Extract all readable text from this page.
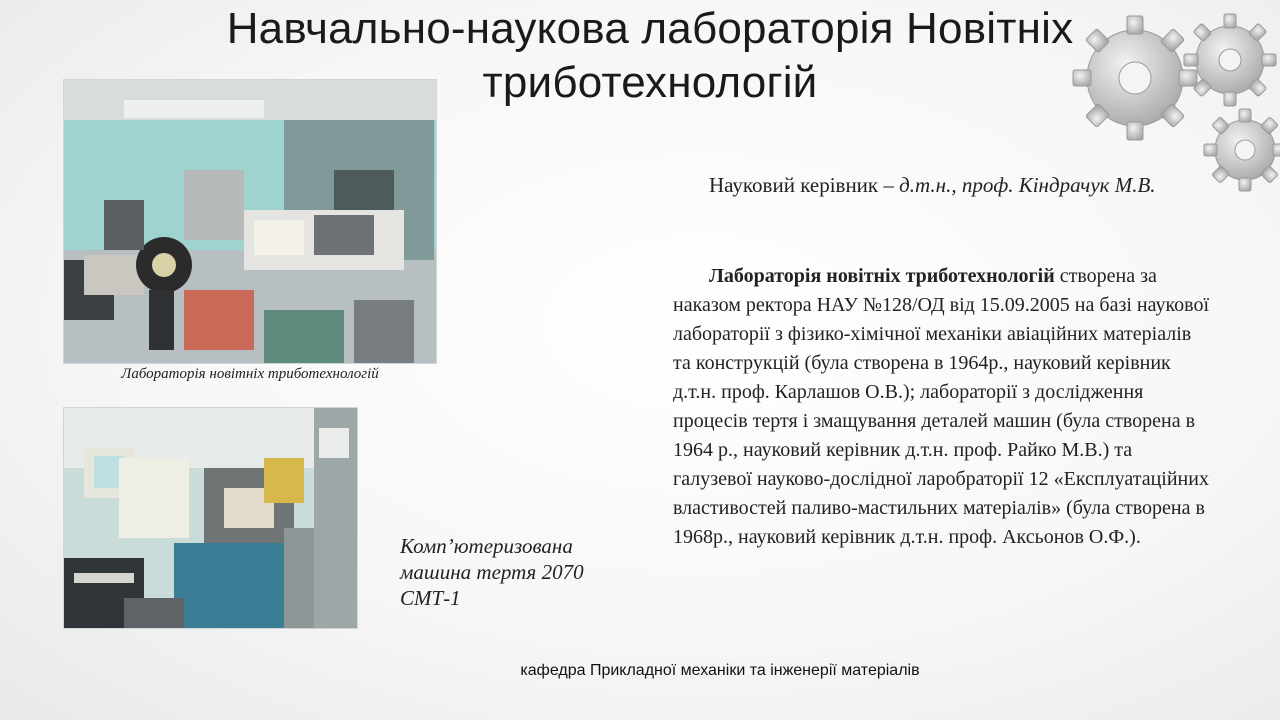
Навчально-наукова лабораторія Новітніх триботехнологій
Лабораторія новітніх триботехнологій
Комп’ютеризована машина тертя 2070 СМТ-1
Науковий керівник – д.т.н., проф. Кіндрачук М.В.

Лабораторія новітніх триботехнологій створена за наказом ректора НАУ №128/ОД від 15.09.2005 на базі наукової лабораторії з фізико-хімічної механіки авіаційних матеріалів та конструкцій (була створена в 1964р., науковий керівник д.т.н. проф. Карлашов О.В.); лабораторії з дослідження процесів тертя і змащування деталей машин (була створена в 1964 р., науковий керівник д.т.н. проф. Райко М.В.) та галузевої науково-дослідної ларобраторії 12 «Експлуатаційних властивостей паливо-мастильних матеріалів» (була створена в 1968р., науковий керівник д.т.н. проф. Аксьонов О.Ф.).

кафедра Прикладної механіки та інженерії матеріалів
